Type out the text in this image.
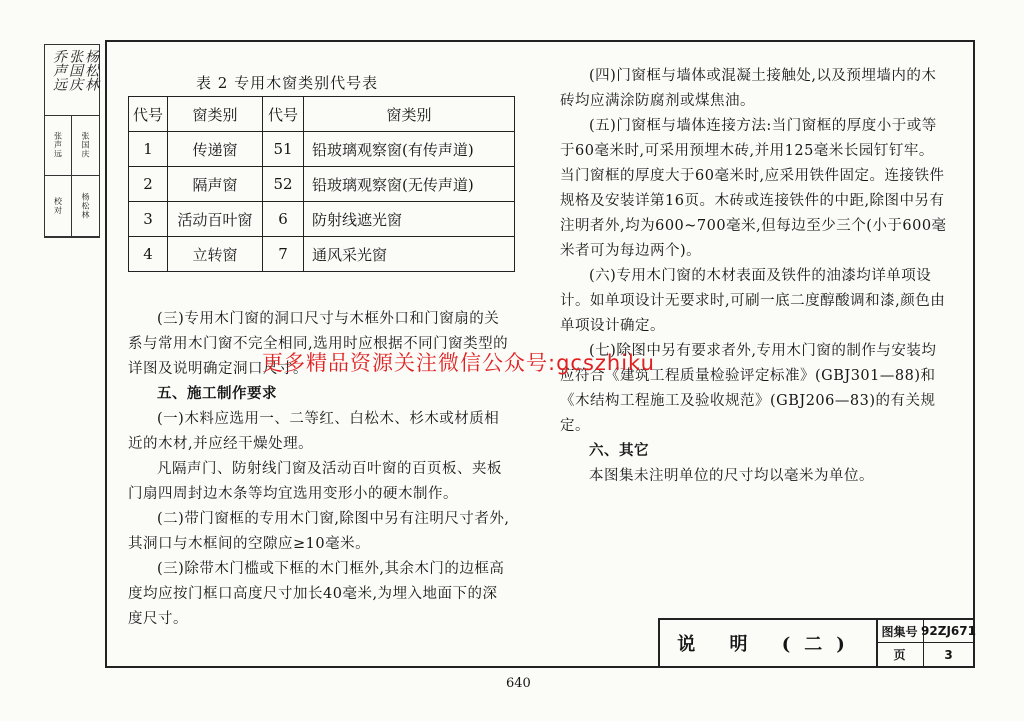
乔声远 张国庆 杨松林
张声远 张国庆
校对 杨松林
表 2 专用木窗类别代号表
代号	窗类别	代号	窗类别
1	传递窗	51	铅玻璃观察窗(有传声道)
2	隔声窗	52	铅玻璃观察窗(无传声道)
3	活动百叶窗	6	防射线遮光窗
4	立转窗	7	通风采光窗

(三)专用木门窗的洞口尺寸与木框外口和门窗扇的关系与常用木门窗不完全相同,选用时应根据不同门窗类型的详图及说明确定洞口尺寸。

五、施工制作要求

(一)木料应选用一、二等红、白松木、杉木或材质相近的木材,并应经干燥处理。

凡隔声门、防射线门窗及活动百叶窗的百页板、夹板门扇四周封边木条等均宜选用变形小的硬木制作。

(二)带门窗框的专用木门窗,除图中另有注明尺寸者外,其洞口与木框间的空隙应≥10毫米。

(三)除带木门槛或下框的木门框外,其余木门的边框高度均应按门框口高度尺寸加长40毫米,为埋入地面下的深度尺寸。

(四)门窗框与墙体或混凝土接触处,以及预埋墙内的木砖均应满涂防腐剂或煤焦油。

(五)门窗框与墙体连接方法:当门窗框的厚度小于或等于60毫米时,可采用预埋木砖,并用125毫米长园钉钉牢。当门窗框的厚度大于60毫米时,应采用铁件固定。连接铁件规格及安装详第16页。木砖或连接铁件的中距,除图中另有注明者外,均为600~700毫米,但每边至少三个(小于600毫米者可为每边两个)。

(六)专用木门窗的木材表面及铁件的油漆均详单项设计。如单项设计无要求时,可刷一底二度醇酸调和漆,颜色由单项设计确定。

(七)除图中另有要求者外,专用木门窗的制作与安装均应符合《建筑工程质量检验评定标准》(GBJ301—88)和《木结构工程施工及验收规范》(GBJ206—83)的有关规定。

六、其它

本图集未注明单位的尺寸均以毫米为单位。

更多精品资源关注微信公众号:gcszhiku
说 明 (二)
图集号 92ZJ671
页	3
640
